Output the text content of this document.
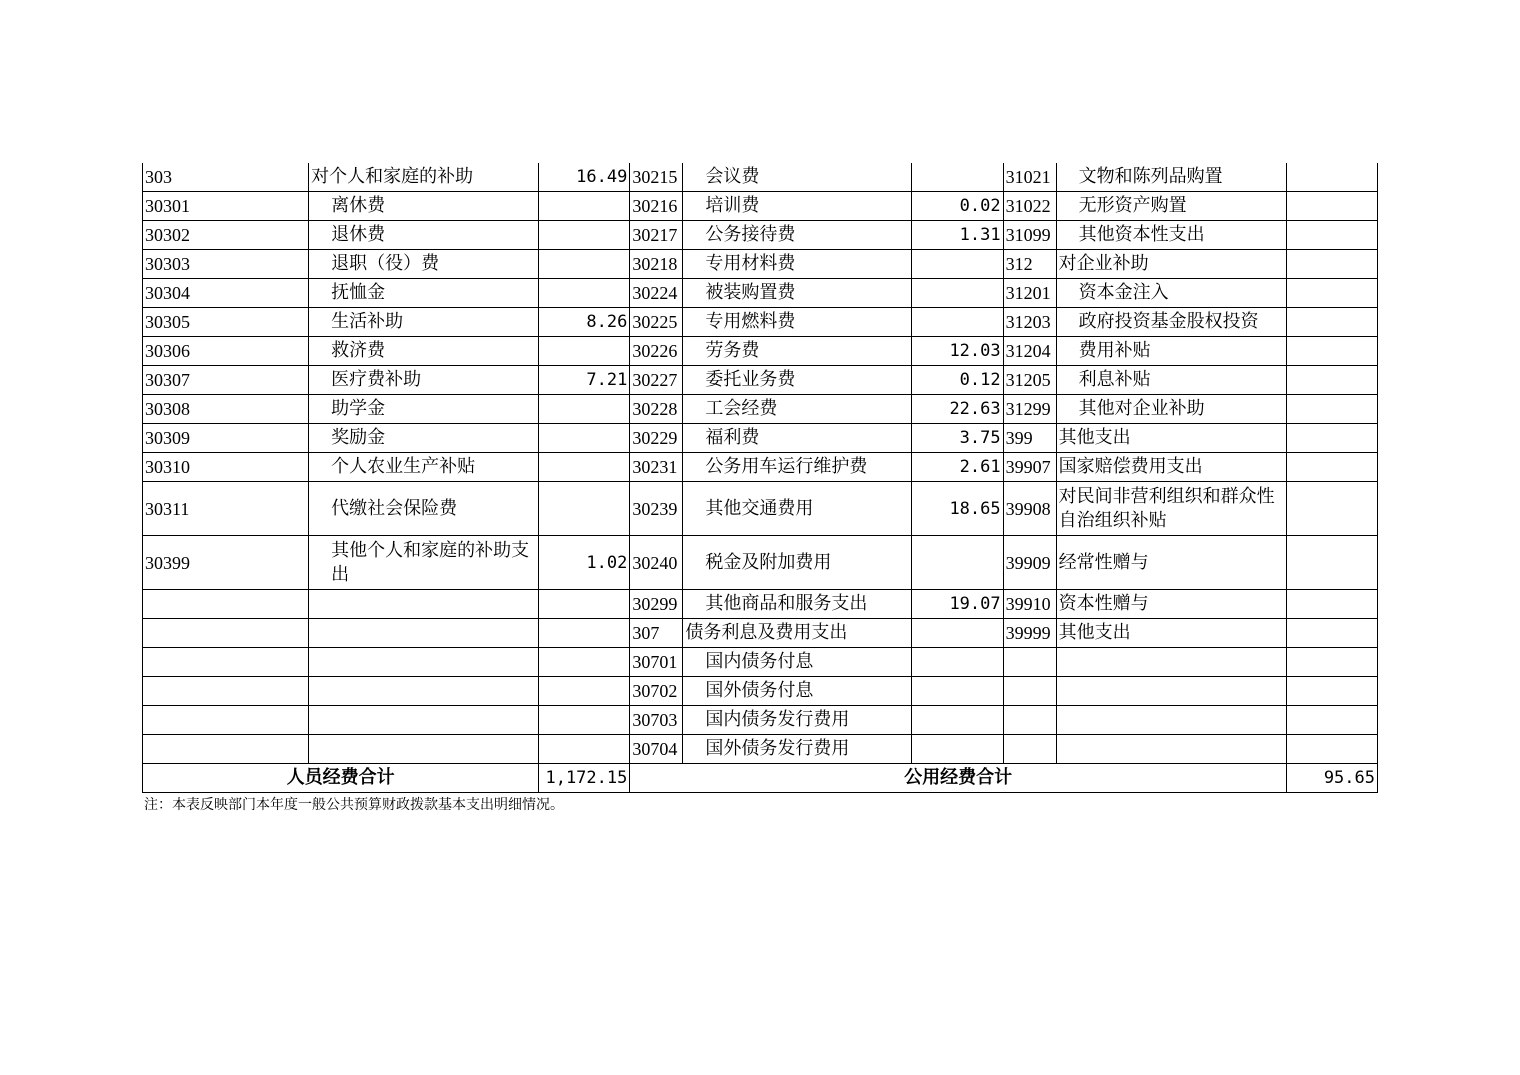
303	对个人和家庭的补助	16.49	30215	会议费		31021	文物和陈列品购置	
30301	离休费		30216	培训费	0.02	31022	无形资产购置	
30302	退休费		30217	公务接待费	1.31	31099	其他资本性支出	
30303	退职（役）费		30218	专用材料费		312	对企业补助	
30304	抚恤金		30224	被装购置费		31201	资本金注入	
30305	生活补助	8.26	30225	专用燃料费		31203	政府投资基金股权投资	
30306	救济费		30226	劳务费	12.03	31204	费用补贴	
30307	医疗费补助	7.21	30227	委托业务费	0.12	31205	利息补贴	
30308	助学金		30228	工会经费	22.63	31299	其他对企业补助	
30309	奖励金		30229	福利费	3.75	399	其他支出	
30310	个人农业生产补贴		30231	公务用车运行维护费	2.61	39907	国家赔偿费用支出	
30311	代缴社会保险费		30239	其他交通费用	18.65	39908	对民间非营利组织和群众性自治组织补贴	
30399	其他个人和家庭的补助支出	1.02	30240	税金及附加费用		39909	经常性赠与	
			30299	其他商品和服务支出	19.07	39910	资本性赠与	
			307	债务利息及费用支出		39999	其他支出	
			30701	国内债务付息				
			30702	国外债务付息				
			30703	国内债务发行费用				
			30704	国外债务发行费用				
人员经费合计		1,172.15	公用经费合计					95.65
注：本表反映部门本年度一般公共预算财政拨款基本支出明细情况。
